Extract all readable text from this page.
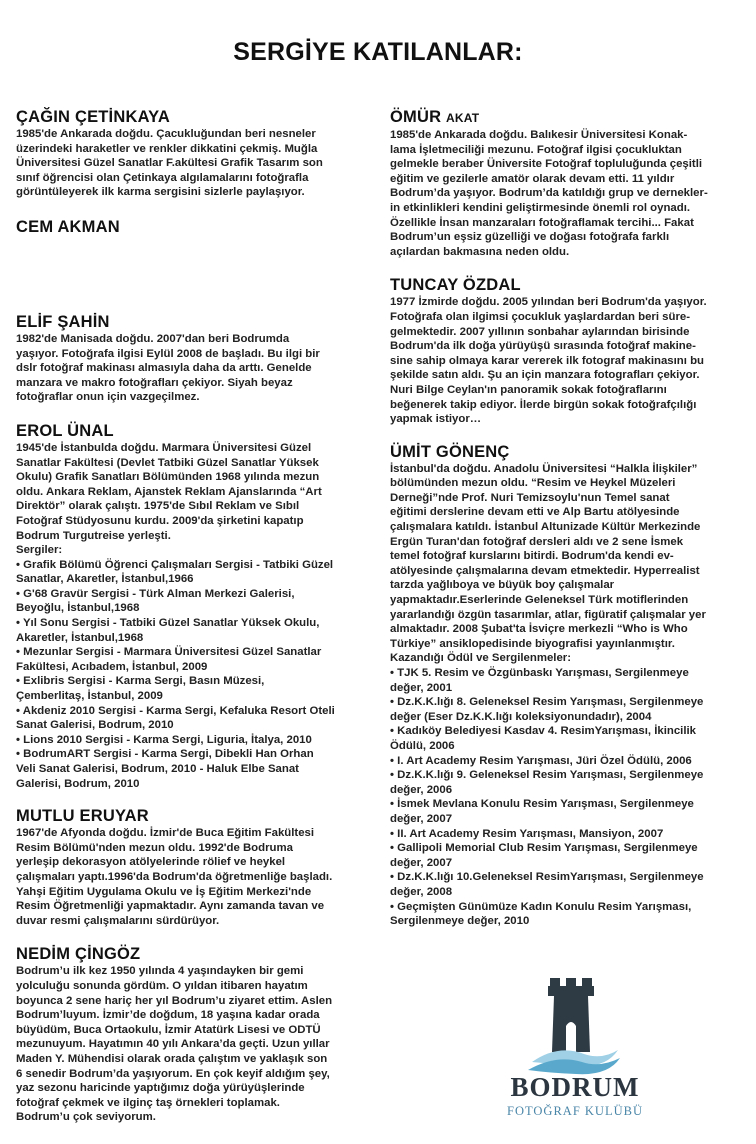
SERGİYE KATILANLAR:

ÇAĞIN ÇETİNKAYA

1985'de Ankarada doğdu. Çacukluğundan beri nesneler
üzerindeki haraketler ve renkler dikkatini çekmiş. Muğla
Üniversitesi Güzel Sanatlar F.akültesi Grafik Tasarım son
sınıf öğrencisi olan Çetinkaya algılamalarını fotoğrafla
görüntüleyerek ilk karma sergisini sizlerle paylaşıyor.

CEM AKMAN

ELİF ŞAHİN

1982'de Manisada doğdu. 2007'dan beri Bodrumda
yaşıyor. Fotoğrafa ilgisi Eylül 2008 de başladı. Bu ilgi bir
dslr fotoğraf makinası almasıyla daha da arttı. Genelde
manzara ve makro fotoğrafları çekiyor. Siyah beyaz
fotoğraflar onun için vazgeçilmez.

EROL ÜNAL

1945'de İstanbulda doğdu. Marmara Üniversitesi Güzel
Sanatlar Fakültesi (Devlet Tatbiki Güzel Sanatlar Yüksek
Okulu) Grafik Sanatları Bölümünden 1968 yılında mezun
oldu. Ankara Reklam, Ajanstek Reklam Ajanslarında “Art
Direktör” olarak çalıştı. 1975'de Sıbıl Reklam ve Sıbıl
Fotoğraf Stüdyosunu kurdu. 2009'da şirketini kapatıp
Bodrum Turgutreise yerleşti.

Sergiler:

• Grafik Bölümü Öğrenci Çalışmaları Sergisi - Tatbiki Güzel
Sanatlar, Akaretler, İstanbul,1966
• G'68 Gravür Sergisi - Türk Alman Merkezi Galerisi,
Beyoğlu, İstanbul,1968
• Yıl Sonu Sergisi - Tatbiki Güzel Sanatlar Yüksek Okulu,
Akaretler, İstanbul,1968
• Mezunlar Sergisi - Marmara Üniversitesi Güzel Sanatlar
Fakültesi, Acıbadem, İstanbul, 2009
• Exlibris Sergisi - Karma Sergi, Basın Müzesi,
Çemberlitaş, İstanbul, 2009
• Akdeniz 2010 Sergisi - Karma Sergi, Kefaluka Resort Oteli
Sanat Galerisi, Bodrum, 2010
• Lions 2010 Sergisi - Karma Sergi, Liguria, İtalya, 2010
• BodrumART Sergisi - Karma Sergi, Dibekli Han Orhan
Veli Sanat Galerisi, Bodrum, 2010 - Haluk Elbe Sanat
Galerisi, Bodrum, 2010

MUTLU ERUYAR

1967'de Afyonda doğdu. İzmir'de Buca Eğitim Fakültesi
Resim Bölümü'nden mezun oldu. 1992'de Bodruma
yerleşip dekorasyon atölyelerinde rölief ve heykel
çalışmaları yaptı.1996'da Bodrum'da öğretmenliğe başladı.
Yahşi Eğitim Uygulama Okulu ve İş Eğitim Merkezi'nde
Resim Öğretmenliği yapmaktadır. Aynı zamanda tavan ve
duvar resmi çalışmalarını sürdürüyor.

NEDİM ÇİNGÖZ

Bodrum’u ilk kez 1950 yılında 4 yaşındayken bir gemi
yolculuğu sonunda gördüm. O yıldan itibaren hayatım
boyunca 2 sene hariç her yıl Bodrum’u ziyaret ettim. Aslen
Bodrum’luyum. İzmir’de doğdum, 18 yaşına kadar orada
büyüdüm, Buca Ortaokulu, İzmir Atatürk Lisesi ve ODTÜ
mezunuyum. Hayatımın 40 yılı Ankara’da geçti. Uzun yıllar
Maden Y. Mühendisi olarak orada çalıştım ve yaklaşık son
6 senedir Bodrum’da yaşıyorum. En çok keyif aldığım şey,
yaz sezonu haricinde yaptığımız doğa yürüyüşlerinde
fotoğraf çekmek ve ilginç taş örnekleri toplamak.
Bodrum’u çok seviyorum.

ÖMÜR AKAT

1985'de Ankarada doğdu. Balıkesir Üniversitesi Konak-
lama İşletmeciliği mezunu. Fotoğraf ilgisi çocukluktan
gelmekle beraber Üniversite Fotoğraf topluluğunda çeşitli
eğitim ve gezilerle amatör olarak devam etti. 11 yıldır
Bodrum’da yaşıyor. Bodrum’da katıldığı grup ve dernekler-
in etkinlikleri kendini geliştirmesinde önemli rol oynadı.
Özellikle İnsan manzaraları fotoğraflamak tercihi... Fakat
Bodrum’un eşsiz güzelliği ve doğası fotoğrafa farklı
açılardan bakmasına neden oldu.

TUNCAY ÖZDAL

1977 İzmirde doğdu. 2005 yılından beri Bodrum'da yaşıyor.
Fotoğrafa olan ilgimsi çocukluk yaşlardardan beri süre-
gelmektedir. 2007 yıllının sonbahar aylarından birisinde
Bodrum'da ilk doğa yürüyüşü sırasında fotoğraf makine-
sine sahip olmaya karar vererek ilk fotograf makinasını bu
şekilde satın aldı. Şu an için manzara fotografları çekiyor.
Nuri Bilge Ceylan'ın panoramik sokak fotoğraflarını
beğenerek takip ediyor. İlerde birgün sokak fotoğrafçılığı
yapmak istiyor…

ÜMİT GÖNENÇ

İstanbul'da doğdu. Anadolu Üniversitesi “Halkla İlişkiler”
bölümünden mezun oldu. “Resim ve Heykel Müzeleri
Derneği”nde Prof. Nuri Temizsoylu'nun Temel sanat
eğitimi derslerine devam etti ve Alp Bartu atölyesinde
çalışmalara katıldı. İstanbul Altunizade Kültür Merkezinde
Ergün Turan'dan fotoğraf dersleri aldı ve 2 sene İsmek
temel fotoğraf kurslarını bitirdi. Bodrum'da kendi ev-
atölyesinde çalışmalarına devam etmektedir. Hyperrealist
tarzda yağlıboya ve büyük boy çalışmalar
yapmaktadır.Eserlerinde Geleneksel Türk motiflerinden
yararlandığı özgün tasarımlar, atlar, figüratif çalışmalar yer
almaktadır. 2008 Şubat'ta İsviçre merkezli “Who is Who
Türkiye” ansiklopedisinde biyografisi yayınlanmıştır.

Kazandığı Ödül ve Sergilenmeler:

• TJK 5. Resim ve Özgünbaskı Yarışması, Sergilenmeye
değer, 2001
• Dz.K.K.lığı 8. Geleneksel Resim Yarışması, Sergilenmeye
değer (Eser Dz.K.K.lığı koleksiyonundadır), 2004
• Kadıköy Belediyesi Kasdav 4. ResimYarışması, İkincilik
Ödülü, 2006
• I. Art Academy Resim Yarışması, Jüri Özel Ödülü, 2006
• Dz.K.K.lığı 9. Geleneksel Resim Yarışması, Sergilenmeye
değer, 2006
• İsmek Mevlana Konulu Resim Yarışması, Sergilenmeye
değer, 2007
• II. Art Academy Resim Yarışması, Mansiyon, 2007
• Gallipoli Memorial Club Resim Yarışması, Sergilenmeye
değer, 2007
• Dz.K.K.lığı 10.Geleneksel ResimYarışması, Sergilenmeye
değer, 2008
• Geçmişten Günümüze Kadın Konulu Resim Yarışması,
Sergilenmeye değer, 2010

BODRUM

FOTOĞRAF KULÜBÜ
